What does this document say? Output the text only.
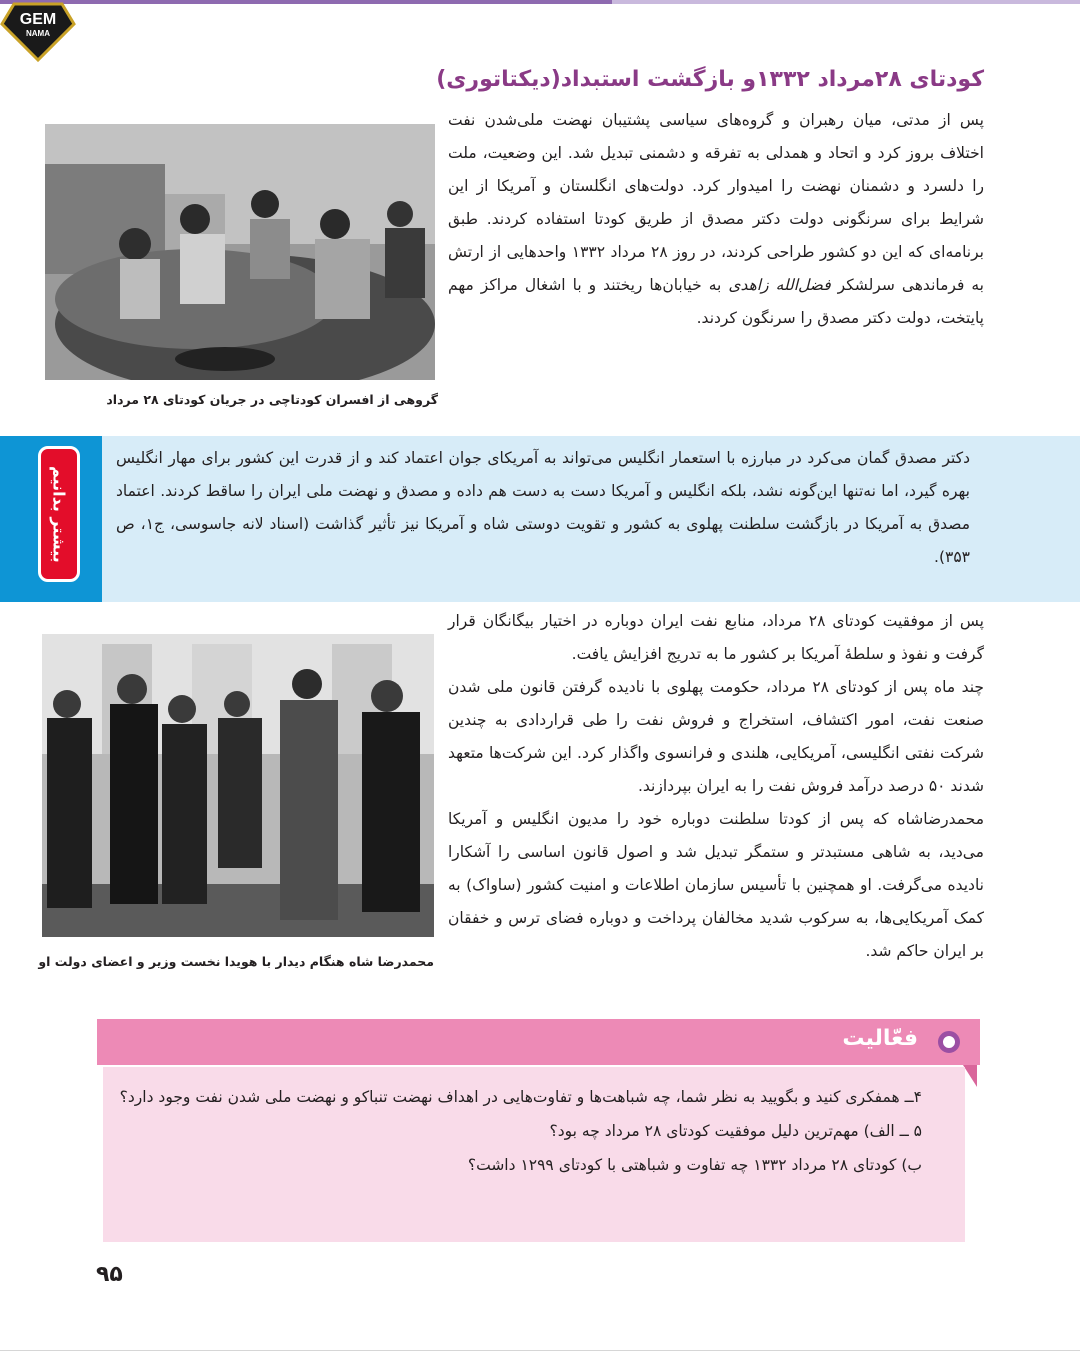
GEM
NAMA
کودتای ۲۸مرداد ۱۳۳۲و بازگشت استبداد(دیکتاتوری)

پس از مدتی، میان رهبران و گروه‌های سیاسی پشتیبان نهضت ملی‌شدن نفت اختلاف بروز کرد و اتحاد و همدلی به تفرقه و دشمنی تبدیل شد. این وضعیت، ملت را دلسرد و دشمنان نهضت را امیدوار کرد. دولت‌های انگلستان و آمریکا از این شرایط برای سرنگونی دولت دکتر مصدق از طریق کودتا استفاده کردند. طبق برنامه‌ای که این دو کشور طراحی کردند، در روز ۲۸ مرداد ۱۳۳۲ واحدهایی از ارتش به فرماندهی سرلشکر فضل‌الله زاهدی به خیابان‌ها ریختند و با اشغال مراکز مهم پایتخت، دولت دکتر مصدق را سرنگون کردند.

گروهی از افسران کودتاچی در جریان کودتای ۲۸ مرداد

بیشتر بدانیم

دکتر مصدق گمان می‌کرد در مبارزه با استعمار انگلیس می‌تواند به آمریکای جوان اعتماد کند و از قدرت این کشور برای مهار انگلیس بهره گیرد، اما نه‌تنها این‌گونه نشد، بلکه انگلیس و آمریکا دست به دست هم داده و مصدق و نهضت ملی ایران را ساقط کردند. اعتماد مصدق به آمریکا در بازگشت سلطنت پهلوی به کشور و تقویت دوستی شاه و آمریکا نیز تأثیر گذاشت (اسناد لانه جاسوسی، ج۱، ص ۳۵۳).

پس از موفقیت کودتای ۲۸ مرداد، منابع نفت ایران دوباره در اختیار بیگانگان قرار گرفت و نفوذ و سلطهٔ آمریکا بر کشور ما به تدریج افزایش یافت.
چند ماه پس از کودتای ۲۸ مرداد، حکومت پهلوی با نادیده گرفتن قانون ملی شدن صنعت نفت، امور اکتشاف، استخراج و فروش نفت را طی قراردادی به چندین شرکت نفتی انگلیسی، آمریکایی، هلندی و فرانسوی واگذار کرد. این شرکت‌ها متعهد شدند ۵۰ درصد درآمد فروش نفت را به ایران بپردازند.
محمدرضاشاه که پس از کودتا سلطنت دوباره خود را مدیون انگلیس و آمریکا می‌دید، به شاهی مستبدتر و ستمگر تبدیل شد و اصول قانون اساسی را آشکارا نادیده می‌گرفت. او همچنین با تأسیس سازمان اطلاعات و امنیت کشور (ساواک) به کمک آمریکایی‌ها، به سرکوب شدید مخالفان پرداخت و دوباره فضای ترس و خفقان بر ایران حاکم شد.

محمدرضا شاه هنگام دیدار با هویدا نخست وزیر و اعضای دولت او

فعّالیت
۴ــ همفکری کنید و بگویید به نظر شما، چه شباهت‌ها و تفاوت‌هایی در اهداف نهضت تنباکو و نهضت ملی شدن نفت وجود دارد؟
۵ ــ الف) مهم‌ترین دلیل موفقیت کودتای ۲۸ مرداد چه بود؟
ب) کودتای ۲۸ مرداد ۱۳۳۲ چه تفاوت و شباهتی با کودتای ۱۲۹۹ داشت؟

۹۵
